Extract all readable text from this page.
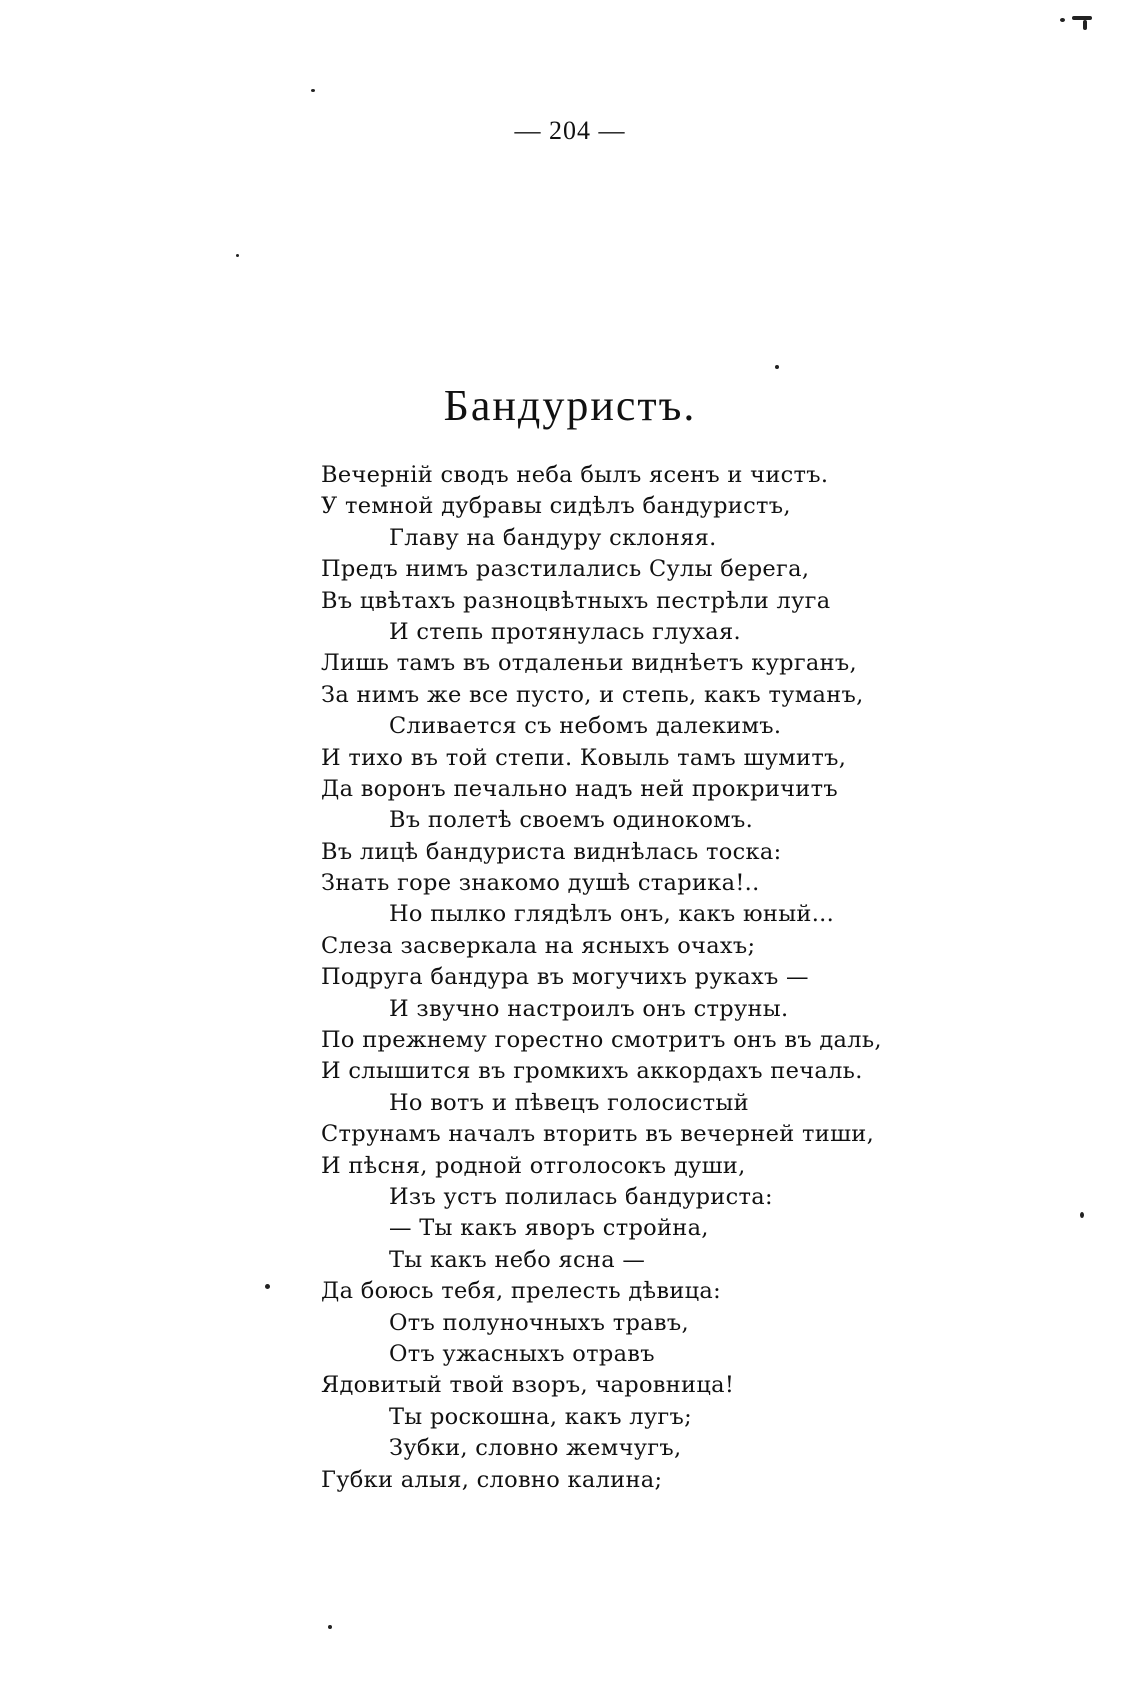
— 204 —
Бандуристъ.
Вечерній сводъ неба былъ ясенъ и чистъ.
У темной дубравы сидѣлъ бандуристъ,
Главу на бандуру склоняя.
Предъ нимъ разстилались Сулы берега,
Въ цвѣтахъ разноцвѣтныхъ пестрѣли луга
И степь протянулась глухая.
Лишь тамъ въ отдаленьи виднѣетъ курганъ,
За нимъ же все пусто, и степь, какъ туманъ,
Сливается съ небомъ далекимъ.
И тихо въ той степи. Ковыль тамъ шумитъ,
Да воронъ печально надъ ней прокричитъ
Въ полетѣ своемъ одинокомъ.
Въ лицѣ бандуриста виднѣлась тоска:
Знать горе знакомо душѣ старика!..
Но пылко глядѣлъ онъ, какъ юный...
Слеза засверкала на ясныхъ очахъ;
Подруга бандура въ могучихъ рукахъ —
И звучно настроилъ онъ струны.
По прежнему горестно смотритъ онъ въ даль,
И слышится въ громкихъ аккордахъ печаль.
Но вотъ и пѣвецъ голосистый
Струнамъ началъ вторить въ вечерней тиши,
И пѣсня, родной отголосокъ души,
Изъ устъ полилась бандуриста:
— Ты какъ яворъ стройна,
Ты какъ небо ясна —
Да боюсь тебя, прелесть дѣвица:
Отъ полуночныхъ травъ,
Отъ ужасныхъ отравъ
Ядовитый твой взоръ, чаровница!
Ты роскошна, какъ лугъ;
Зубки, словно жемчугъ,
Губки алыя, словно калина;
